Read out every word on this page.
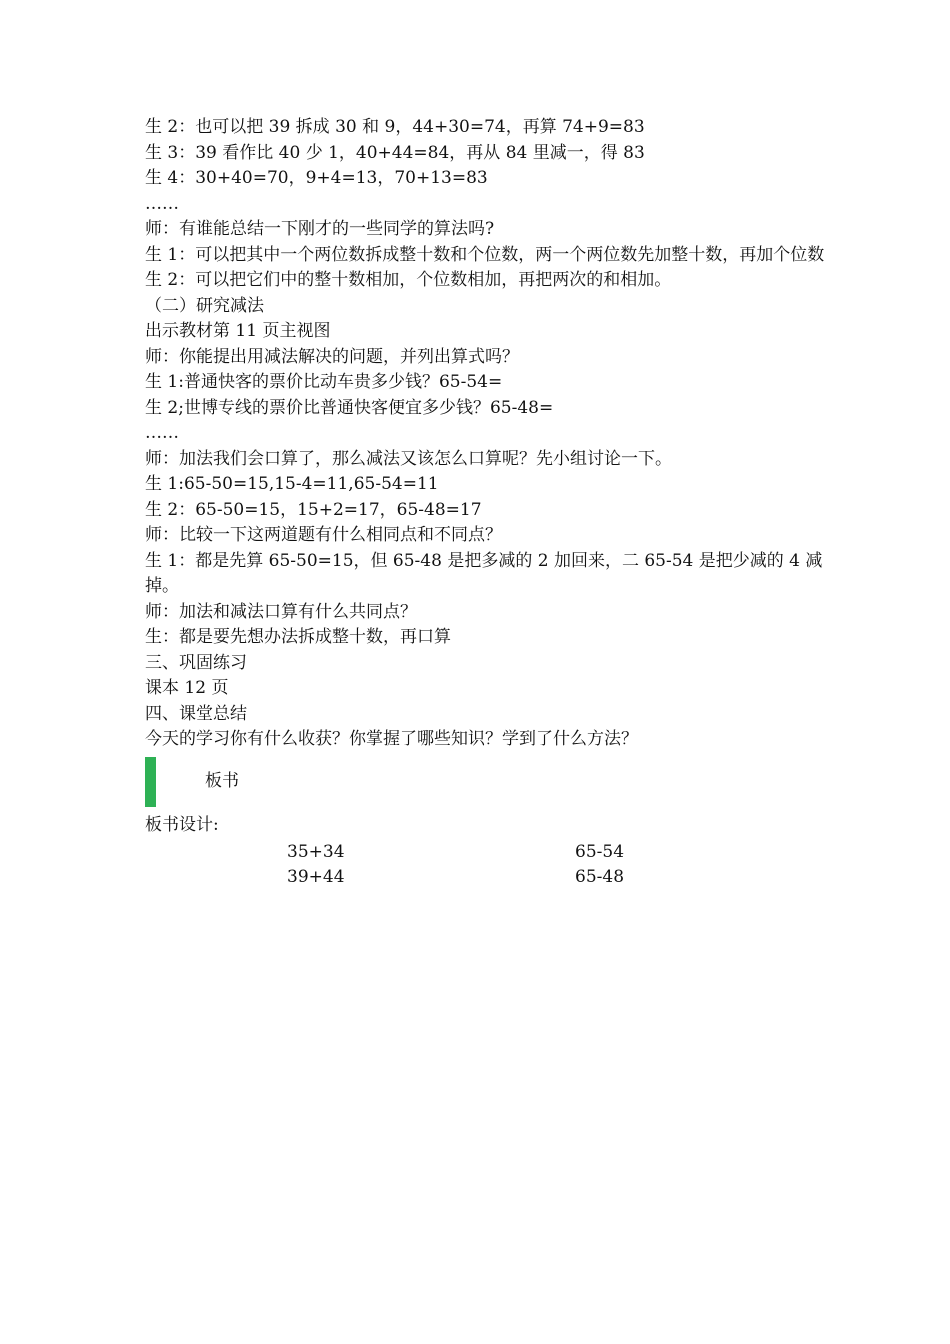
生 2：也可以把 39 拆成 30 和 9，44+30=74，再算 74+9=83
生 3：39 看作比 40 少 1，40+44=84，再从 84 里减一，得 83
生 4：30+40=70，9+4=13，70+13=83
……
师：有谁能总结一下刚才的一些同学的算法吗?
生 1：可以把其中一个两位数拆成整十数和个位数，两一个两位数先加整十数，再加个位数
生 2：可以把它们中的整十数相加，个位数相加，再把两次的和相加。
（二）研究减法
出示教材第 11 页主视图
师：你能提出用减法解决的问题，并列出算式吗？
生 1:普通快客的票价比动车贵多少钱？65-54=
生 2;世博专线的票价比普通快客便宜多少钱？65-48=
……
师：加法我们会口算了，那么减法又该怎么口算呢？先小组讨论一下。
生 1:65-50=15,15-4=11,65-54=11
生 2：65-50=15，15+2=17，65-48=17
师：比较一下这两道题有什么相同点和不同点？
生 1：都是先算 65-50=15，但 65-48 是把多减的 2 加回来，二 65-54 是把少减的 4 减掉。
师：加法和减法口算有什么共同点？
生：都是要先想办法拆成整十数，再口算
三、巩固练习
课本 12 页
四、课堂总结
今天的学习你有什么收获？你掌握了哪些知识？学到了什么方法？
板书
板书设计:
35+34	65-54
39+44	65-48
